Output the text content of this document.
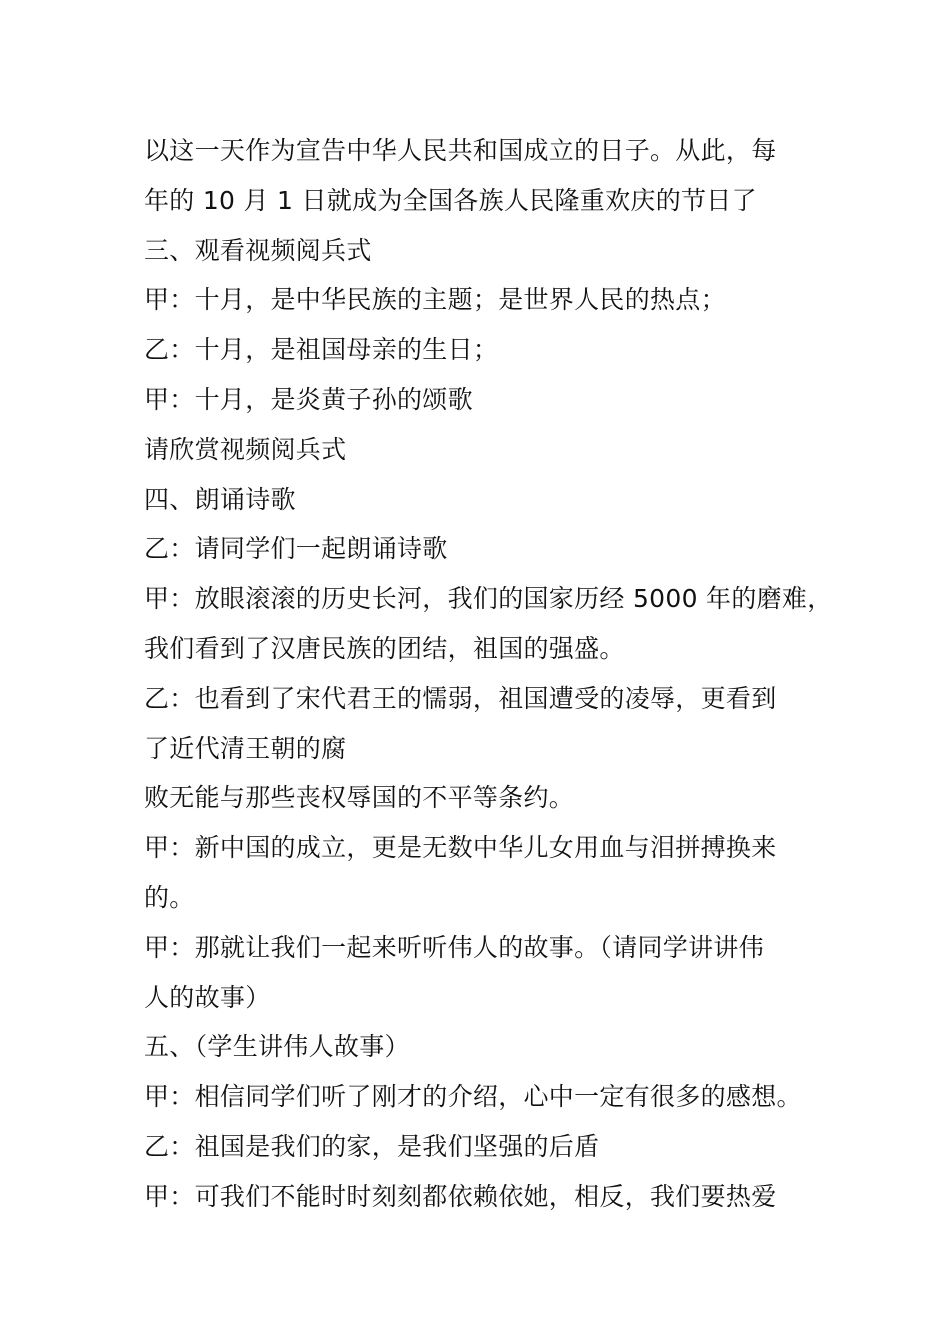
以这一天作为宣告中华人民共和国成立的日子。从此，每
年的 10 月 1 日就成为全国各族人民隆重欢庆的节日了
三、观看视频阅兵式
甲：十月，是中华民族的主题；是世界人民的热点；
乙：十月，是祖国母亲的生日；
甲：十月，是炎黄子孙的颂歌
请欣赏视频阅兵式
四、朗诵诗歌
乙：请同学们一起朗诵诗歌
甲：放眼滚滚的历史长河，我们的国家历经 5000 年的磨难，
我们看到了汉唐民族的团结，祖国的强盛。
乙：也看到了宋代君王的懦弱，祖国遭受的凌辱，更看到
了近代清王朝的腐
败无能与那些丧权辱国的不平等条约。
甲：新中国的成立，更是无数中华儿女用血与泪拼搏换来
的。
甲：那就让我们一起来听听伟人的故事。（请同学讲讲伟
人的故事）
五、（学生讲伟人故事）
甲：相信同学们听了刚才的介绍，心中一定有很多的感想。
乙：祖国是我们的家，是我们坚强的后盾
甲：可我们不能时时刻刻都依赖依她，相反，我们要热爱
